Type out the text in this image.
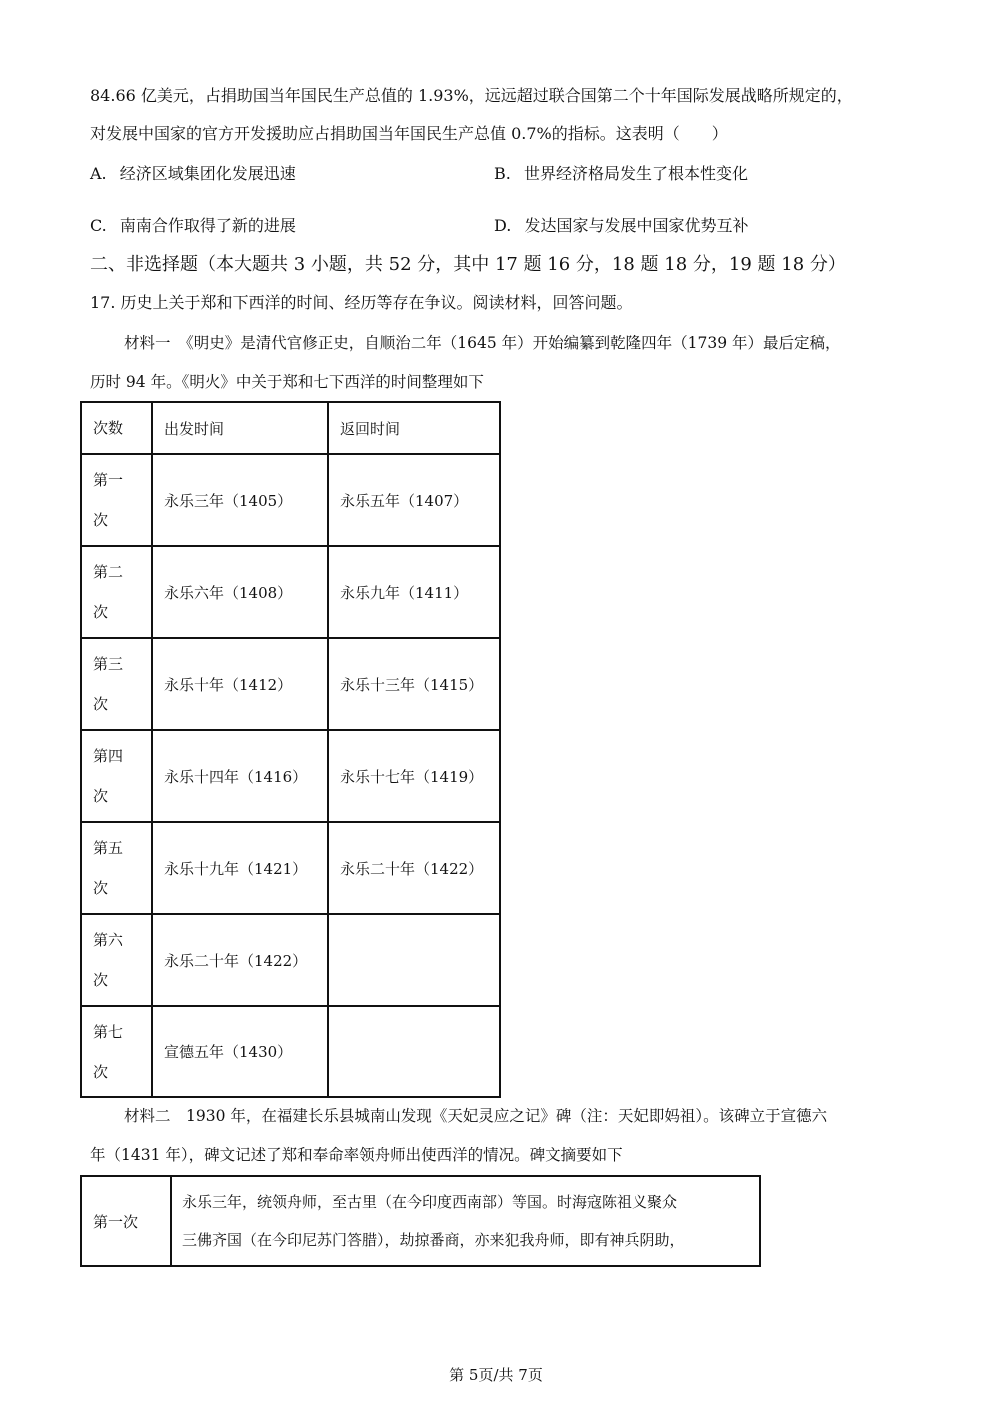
84.66 亿美元，占捐助国当年国民生产总值的 1.93%，远远超过联合国第二个十年国际发展战略所规定的，
对发展中国家的官方开发援助应占捐助国当年国民生产总值 0.7%的指标。这表明（　　）
A. 经济区域集团化发展迅速	B. 世界经济格局发生了根本性变化
C. 南南合作取得了新的进展	D. 发达国家与发展中国家优势互补
二、非选择题（本大题共 3 小题，共 52 分，其中 17 题 16 分，18 题 18 分，19 题 18 分）
17. 历史上关于郑和下西洋的时间、经历等存在争议。阅读材料，回答问题。
材料一　《明史》是清代官修正史，自顺治二年（1645 年）开始编纂到乾隆四年（1739 年）最后定稿，
历时 94 年。《明火》中关于郑和七下西洋的时间整理如下
次数	出发时间	返回时间
第一
次	永乐三年（1405）	永乐五年（1407）
第二
次	永乐六年（1408）	永乐九年（1411）
第三
次	永乐十年（1412）	永乐十三年（1415）
第四
次	永乐十四年（1416）	永乐十七年（1419）
第五
次	永乐十九年（1421）	永乐二十年（1422）
第六
次	永乐二十年（1422）	
第七
次	宣德五年（1430）	
材料二　1930 年，在福建长乐县城南山发现《天妃灵应之记》碑（注：天妃即妈祖）。该碑立于宣德六
年（1431 年），碑文记述了郑和奉命率领舟师出使西洋的情况。碑文摘要如下
第一次	永乐三年，统领舟师，至古里（在今印度西南部）等国。时海寇陈祖义聚众
三佛齐国（在今印尼苏门答腊），劫掠番商，亦来犯我舟师，即有神兵阴助，
第 5页/共 7页
